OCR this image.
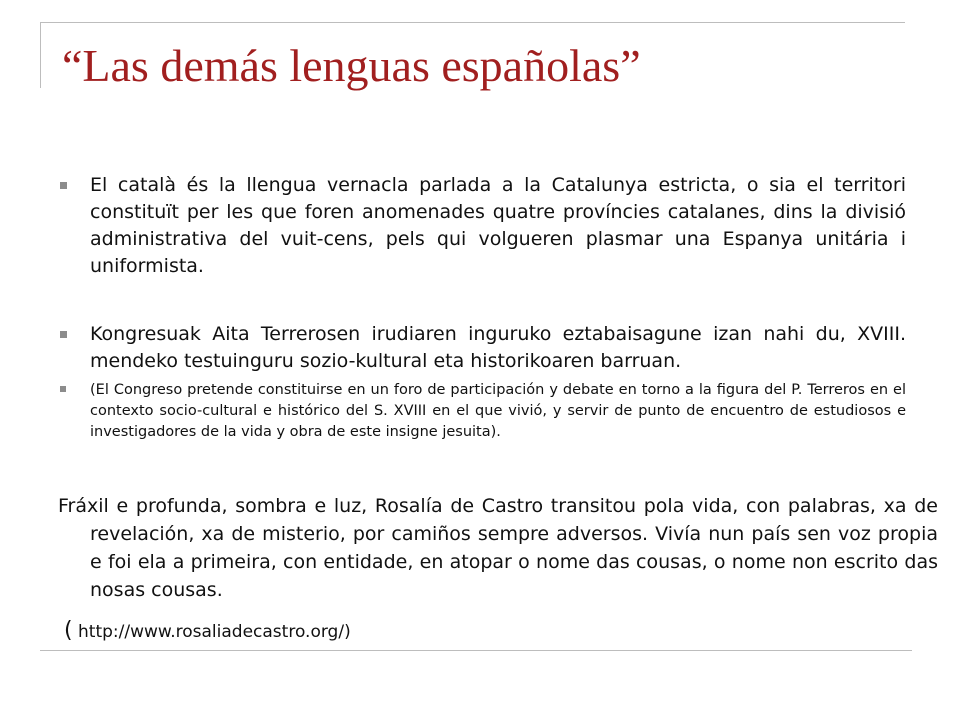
“Las demás lenguas españolas”
El català és la llengua vernacla parlada a la Catalunya estricta, o sia el territori constituït per les que foren anomenades quatre províncies catalanes, dins la divisió administrativa del vuit-cens, pels qui volgueren plasmar una Espanya unitária i uniformista.
Kongresuak Aita Terrerosen irudiaren inguruko eztabaisagune izan nahi du, XVIII. mendeko testuinguru sozio-kultural eta historikoaren barruan.
(El Congreso pretende constituirse en un foro de participación y debate en torno a la figura del P. Terreros en el contexto socio-cultural e histórico del S. XVIII en el que vivió, y servir de punto de encuentro de estudiosos e investigadores de la vida y obra de este insigne jesuita).
Fráxil e profunda, sombra e luz, Rosalía de Castro transitou pola vida, con palabras, xa de revelación, xa de misterio, por camiños sempre adversos. Vivía nun país sen voz propia e foi ela a primeira, con entidade, en atopar o nome das cousas, o nome non escrito das nosas cousas.
( http://www.rosaliadecastro.org/)
